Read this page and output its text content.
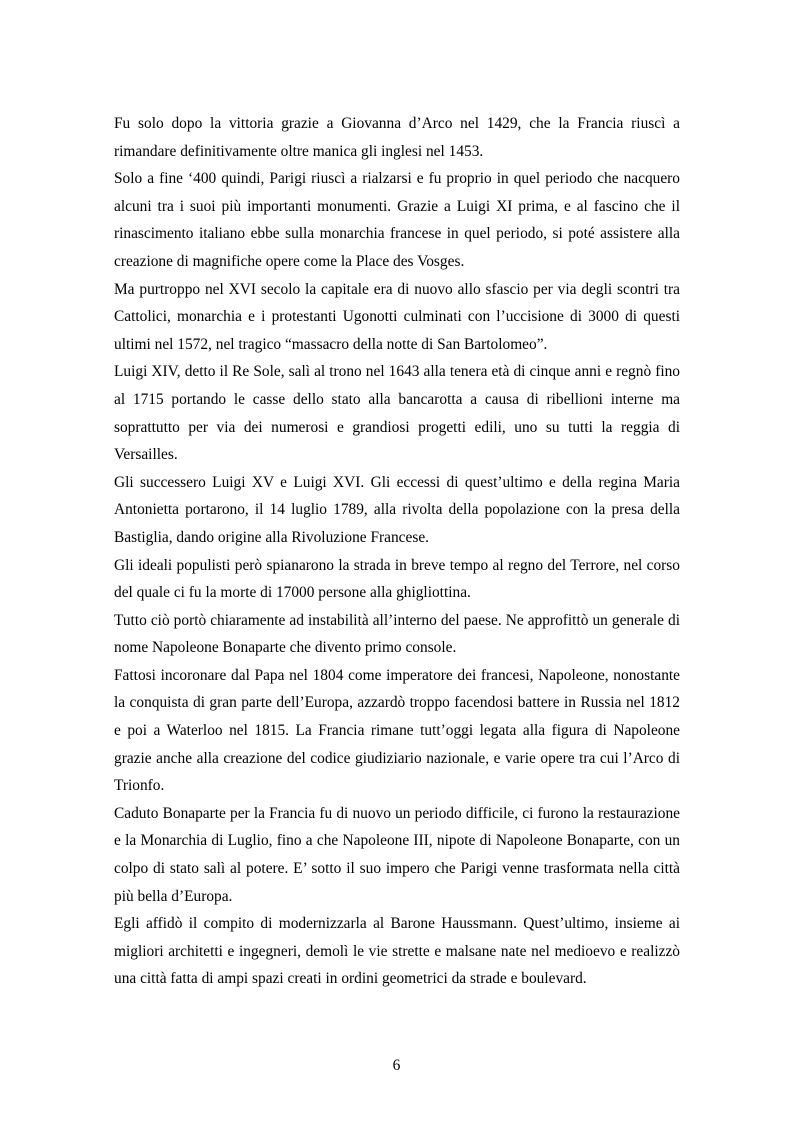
Fu solo dopo la vittoria grazie a Giovanna d’Arco nel 1429, che la Francia riuscì a rimandare definitivamente oltre manica gli inglesi nel 1453.

Solo a fine ‘400 quindi, Parigi riuscì a rialzarsi e fu proprio in quel periodo che nacquero alcuni tra i suoi più importanti monumenti. Grazie a Luigi XI prima, e al fascino che il rinascimento italiano ebbe sulla monarchia francese in quel periodo, si poté assistere alla creazione di magnifiche opere come la Place des Vosges.

Ma purtroppo nel XVI secolo la capitale era di nuovo allo sfascio per via degli scontri tra Cattolici, monarchia e i protestanti Ugonotti culminati con l’uccisione di 3000 di questi ultimi nel 1572, nel tragico “massacro della notte di San Bartolomeo”.

Luigi XIV, detto il Re Sole, salì al trono nel 1643 alla tenera età di cinque anni e regnò fino al 1715 portando le casse dello stato alla bancarotta a causa di ribellioni interne ma soprattutto per via dei numerosi e grandiosi progetti edili, uno su tutti la reggia di Versailles.

Gli successero Luigi XV e Luigi XVI. Gli eccessi di quest’ultimo e della regina Maria Antonietta portarono, il 14 luglio 1789, alla rivolta della popolazione con la presa della Bastiglia, dando origine alla Rivoluzione Francese.

Gli ideali populisti però spianarono la strada in breve tempo al regno del Terrore, nel corso del quale ci fu la morte di 17000 persone alla ghigliottina.

Tutto ciò portò chiaramente ad instabilità all’interno del paese. Ne approfittò un generale di nome Napoleone Bonaparte che divento primo console.

Fattosi incoronare dal Papa nel 1804 come imperatore dei francesi, Napoleone, nonostante la conquista di gran parte dell’Europa, azzardò troppo facendosi battere in Russia nel 1812 e poi a Waterloo nel 1815. La Francia rimane tutt’oggi legata alla figura di Napoleone grazie anche alla creazione del codice giudiziario nazionale, e varie opere tra cui l’Arco di Trionfo.

Caduto Bonaparte per la Francia fu di nuovo un periodo difficile, ci furono la restaurazione e la Monarchia di Luglio, fino a che Napoleone III, nipote di Napoleone Bonaparte, con un colpo di stato salì al potere. E’ sotto il suo impero che Parigi venne trasformata nella città più bella d’Europa.

Egli affidò il compito di modernizzarla al Barone Haussmann. Quest’ultimo, insieme ai migliori architetti e ingegneri, demolì le vie strette e malsane nate nel medioevo e realizzò una città fatta di ampi spazi creati in ordini geometrici da strade e boulevard.

6
